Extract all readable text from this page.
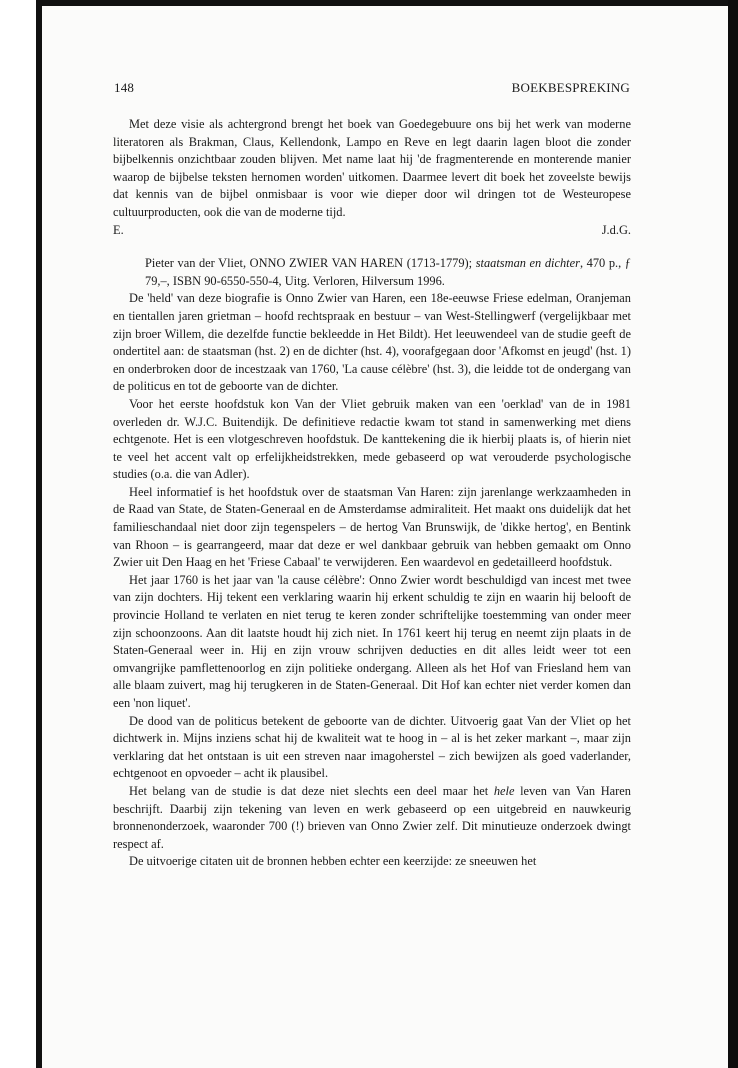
148	BOEKBESPREKING

Met deze visie als achtergrond brengt het boek van Goedegebuure ons bij het werk van moderne literatoren als Brakman, Claus, Kellendonk, Lampo en Reve en legt daarin lagen bloot die zonder bijbelkennis onzichtbaar zouden blijven. Met name laat hij 'de fragmenterende en monterende manier waarop de bijbelse teksten hernomen worden' uitkomen. Daarmee levert dit boek het zoveelste bewijs dat kennis van de bijbel onmisbaar is voor wie dieper door wil dringen tot de Westeuropese cultuurproducten, ook die van de moderne tijd.

E.	J.d.G.

Pieter van der Vliet, ONNO ZWIER VAN HAREN (1713-1779); staatsman en dichter, 470 p., ƒ 79,–, ISBN 90-6550-550-4, Uitg. Verloren, Hilversum 1996.

De 'held' van deze biografie is Onno Zwier van Haren, een 18e-eeuwse Friese edelman, Oranjeman en tientallen jaren grietman – hoofd rechtspraak en bestuur – van West-Stellingwerf (vergelijkbaar met zijn broer Willem, die dezelfde functie bekleedde in Het Bildt). Het leeuwendeel van de studie geeft de ondertitel aan: de staatsman (hst. 2) en de dichter (hst. 4), voorafgegaan door 'Afkomst en jeugd' (hst. 1) en onderbroken door de incestzaak van 1760, 'La cause célèbre' (hst. 3), die leidde tot de ondergang van de politicus en tot de geboorte van de dichter.

Voor het eerste hoofdstuk kon Van der Vliet gebruik maken van een 'oerklad' van de in 1981 overleden dr. W.J.C. Buitendijk. De definitieve redactie kwam tot stand in samenwerking met diens echtgenote. Het is een vlotgeschreven hoofdstuk. De kanttekening die ik hierbij plaats is, of hierin niet te veel het accent valt op erfelijkheidstrekken, mede gebaseerd op wat verouderde psychologische studies (o.a. die van Adler).

Heel informatief is het hoofdstuk over de staatsman Van Haren: zijn jarenlange werkzaamheden in de Raad van State, de Staten-Generaal en de Amsterdamse admiraliteit. Het maakt ons duidelijk dat het familieschandaal niet door zijn tegenspelers – de hertog Van Brunswijk, de 'dikke hertog', en Bentink van Rhoon – is gearrangeerd, maar dat deze er wel dankbaar gebruik van hebben gemaakt om Onno Zwier uit Den Haag en het 'Friese Cabaal' te verwijderen. Een waardevol en gedetailleerd hoofdstuk.

Het jaar 1760 is het jaar van 'la cause célèbre': Onno Zwier wordt beschuldigd van incest met twee van zijn dochters. Hij tekent een verklaring waarin hij erkent schuldig te zijn en waarin hij belooft de provincie Holland te verlaten en niet terug te keren zonder schriftelijke toestemming van onder meer zijn schoonzoons. Aan dit laatste houdt hij zich niet. In 1761 keert hij terug en neemt zijn plaats in de Staten-Generaal weer in. Hij en zijn vrouw schrijven deducties en dit alles leidt weer tot een omvangrijke pamflettenoorlog en zijn politieke ondergang. Alleen als het Hof van Friesland hem van alle blaam zuivert, mag hij terugkeren in de Staten-Generaal. Dit Hof kan echter niet verder komen dan een 'non liquet'.

De dood van de politicus betekent de geboorte van de dichter. Uitvoerig gaat Van der Vliet op het dichtwerk in. Mijns inziens schat hij de kwaliteit wat te hoog in – al is het zeker markant –, maar zijn verklaring dat het ontstaan is uit een streven naar imagoherstel – zich bewijzen als goed vaderlander, echtgenoot en opvoeder – acht ik plausibel.

Het belang van de studie is dat deze niet slechts een deel maar het hele leven van Van Haren beschrijft. Daarbij zijn tekening van leven en werk gebaseerd op een uitgebreid en nauwkeurig bronnenonderzoek, waaronder 700 (!) brieven van Onno Zwier zelf. Dit minutieuze onderzoek dwingt respect af.

De uitvoerige citaten uit de bronnen hebben echter een keerzijde: ze sneeuwen het
